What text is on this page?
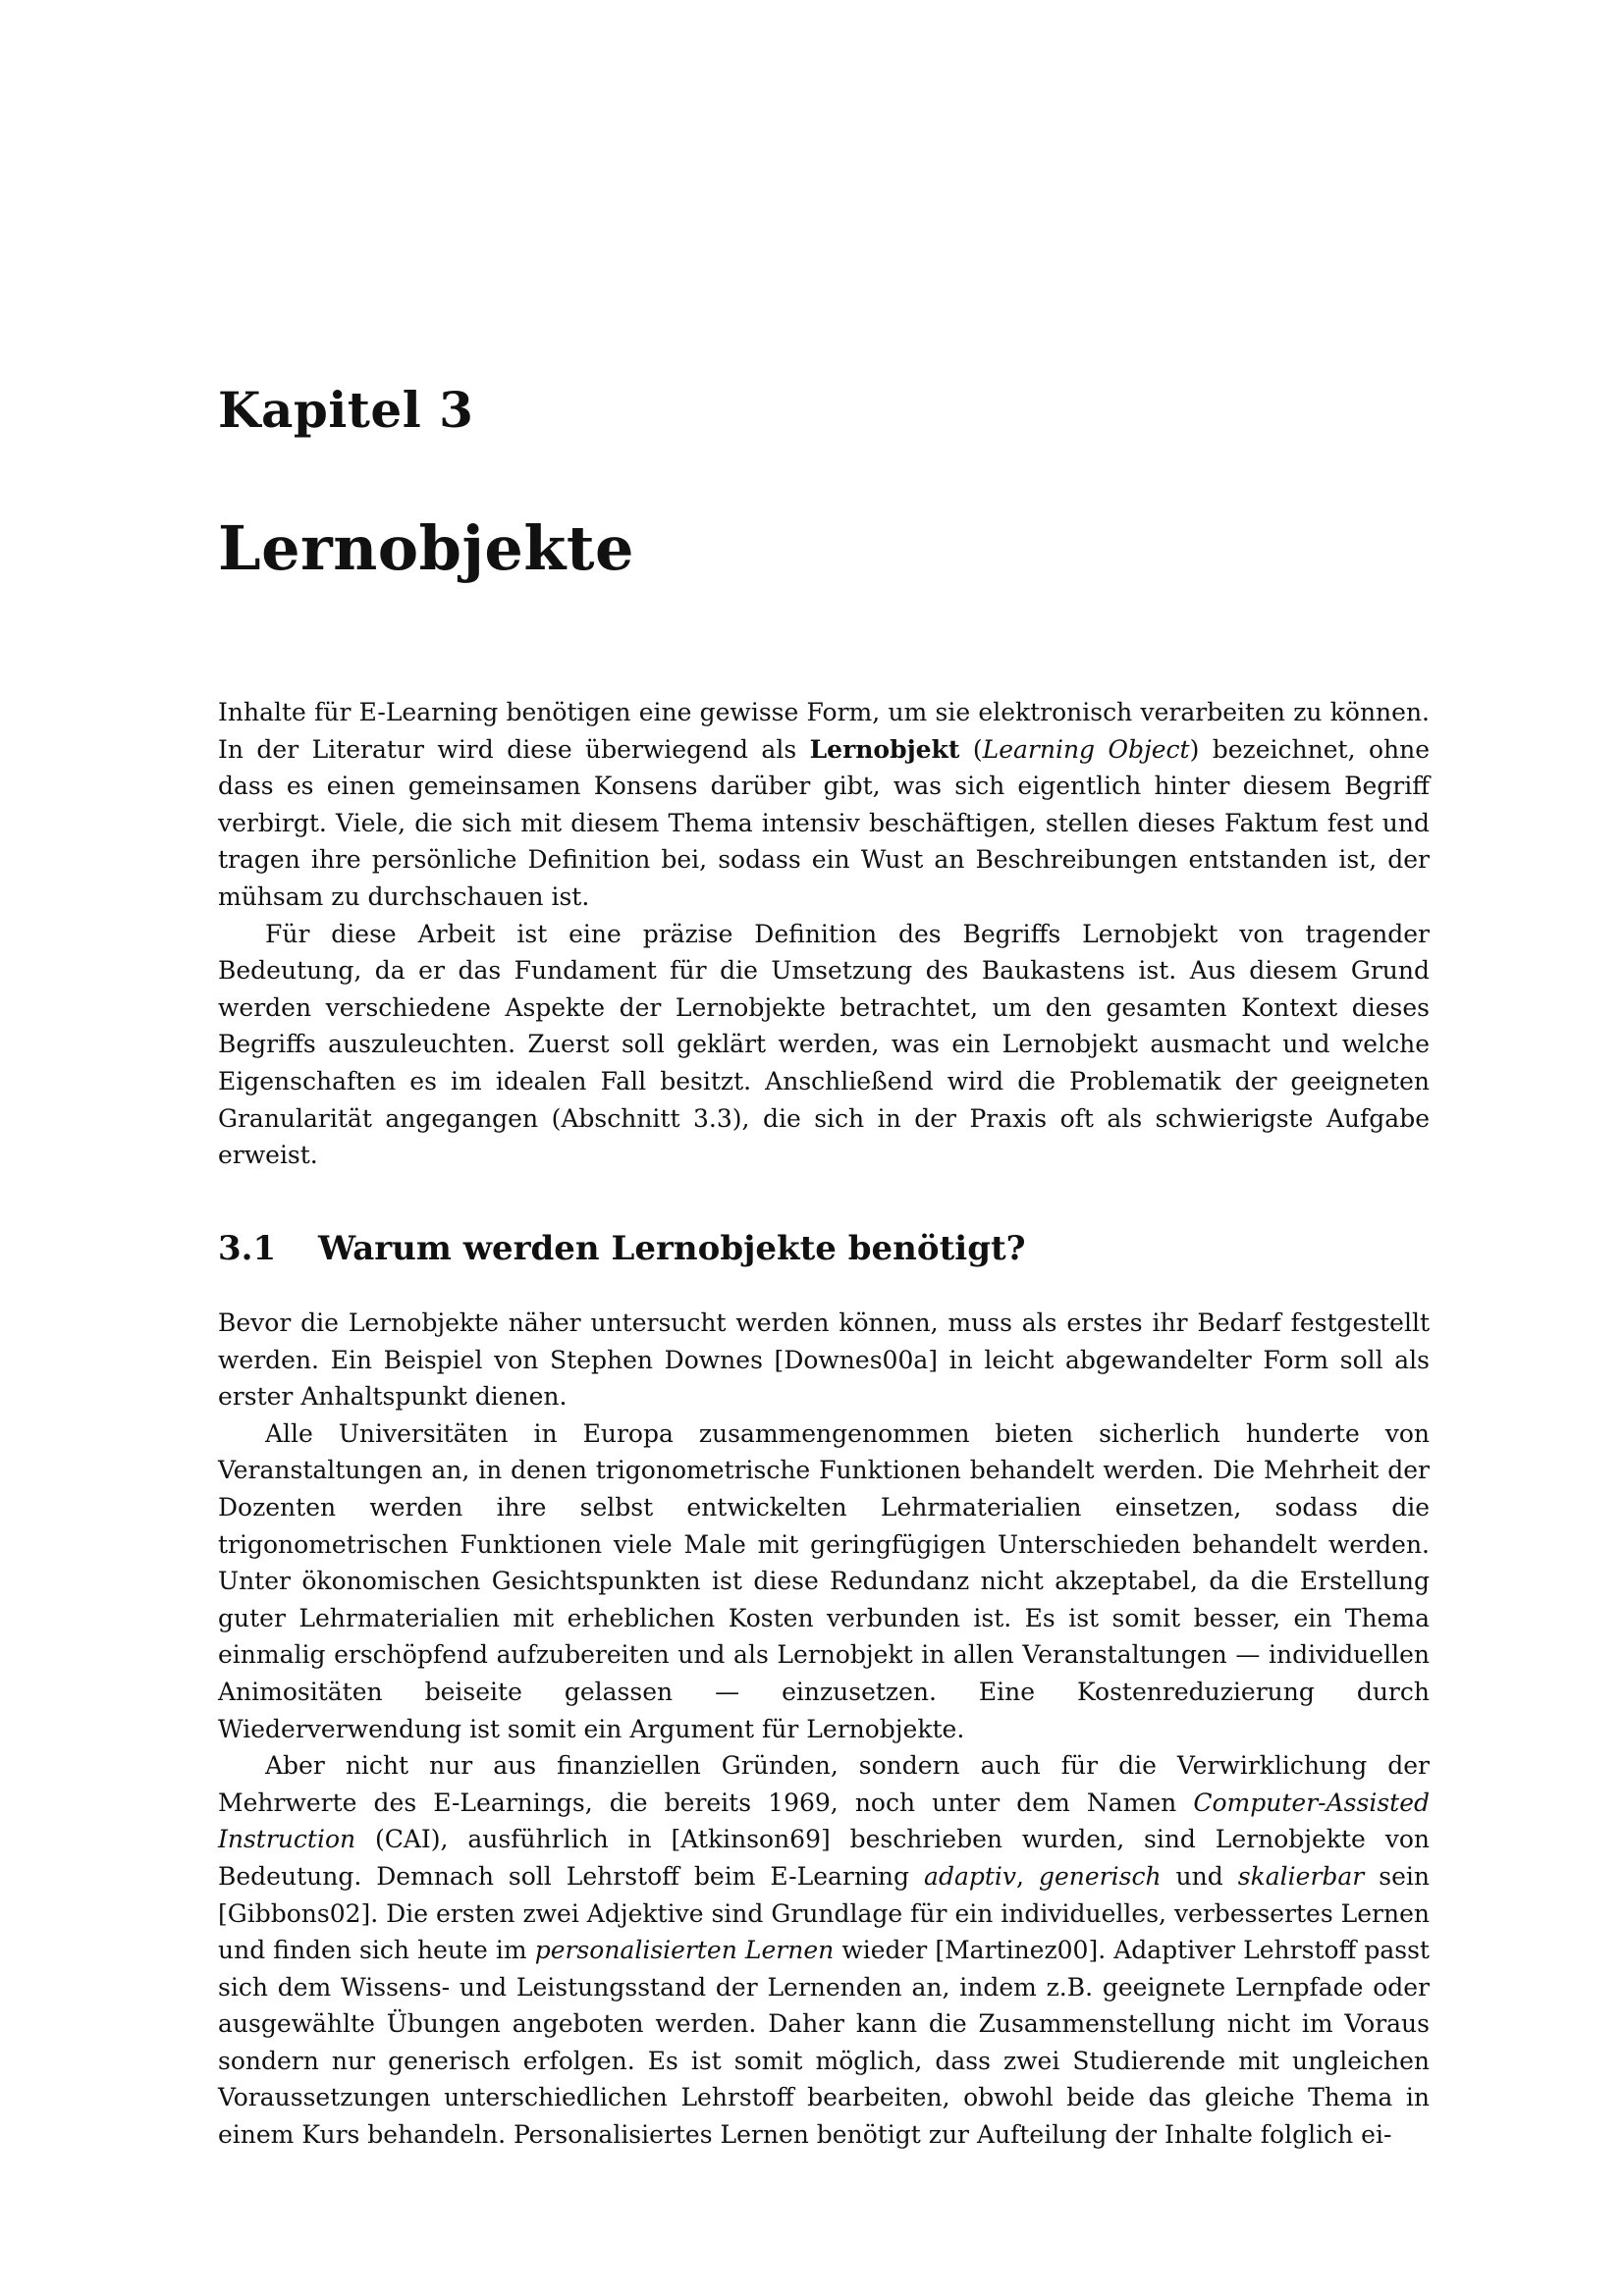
Kapitel 3
Lernobjekte

Inhalte für E-Learning benötigen eine gewisse Form, um sie elektronisch verarbeiten zu können. In der Literatur wird diese überwiegend als Lernobjekt (Learning Object) bezeichnet, ohne dass es einen gemeinsamen Konsens darüber gibt, was sich eigentlich hinter diesem Begriff verbirgt. Viele, die sich mit diesem Thema intensiv beschäftigen, stellen dieses Faktum fest und tragen ihre persönliche Definition bei, sodass ein Wust an Beschreibungen entstanden ist, der mühsam zu durchschauen ist.

Für diese Arbeit ist eine präzise Definition des Begriffs Lernobjekt von tragender Bedeutung, da er das Fundament für die Umsetzung des Baukastens ist. Aus diesem Grund werden verschiedene Aspekte der Lernobjekte betrachtet, um den gesamten Kontext dieses Begriffs auszuleuchten. Zuerst soll geklärt werden, was ein Lernobjekt ausmacht und welche Eigenschaften es im idealen Fall besitzt. Anschließend wird die Problematik der geeigneten Granularität angegangen (Abschnitt 3.3), die sich in der Praxis oft als schwierigste Aufgabe erweist.

3.1 Warum werden Lernobjekte benötigt?

Bevor die Lernobjekte näher untersucht werden können, muss als erstes ihr Bedarf festgestellt werden. Ein Beispiel von Stephen Downes [Downes00a] in leicht abgewandelter Form soll als erster Anhaltspunkt dienen.

Alle Universitäten in Europa zusammengenommen bieten sicherlich hunderte von Veranstaltungen an, in denen trigonometrische Funktionen behandelt werden. Die Mehrheit der Dozenten werden ihre selbst entwickelten Lehrmaterialien einsetzen, sodass die trigonometrischen Funktionen viele Male mit geringfügigen Unterschieden behandelt werden. Unter ökonomischen Gesichtspunkten ist diese Redundanz nicht akzeptabel, da die Erstellung guter Lehrmaterialien mit erheblichen Kosten verbunden ist. Es ist somit besser, ein Thema einmalig erschöpfend aufzubereiten und als Lernobjekt in allen Veranstaltungen — individuellen Animositäten beiseite gelassen — einzusetzen. Eine Kostenreduzierung durch Wiederverwendung ist somit ein Argument für Lernobjekte.

Aber nicht nur aus finanziellen Gründen, sondern auch für die Verwirklichung der Mehrwerte des E-Learnings, die bereits 1969, noch unter dem Namen Computer-Assisted Instruction (CAI), ausführlich in [Atkinson69] beschrieben wurden, sind Lernobjekte von Bedeutung. Demnach soll Lehrstoff beim E-Learning adaptiv, generisch und skalierbar sein [Gibbons02]. Die ersten zwei Adjektive sind Grundlage für ein individuelles, verbessertes Lernen und finden sich heute im personalisierten Lernen wieder [Martinez00]. Adaptiver Lehrstoff passt sich dem Wissens- und Leistungsstand der Lernenden an, indem z.B. geeignete Lernpfade oder ausgewählte Übungen angeboten werden. Daher kann die Zusammenstellung nicht im Voraus sondern nur generisch erfolgen. Es ist somit möglich, dass zwei Studierende mit ungleichen Voraussetzungen unterschiedlichen Lehrstoff bearbeiten, obwohl beide das gleiche Thema in einem Kurs behandeln. Personalisiertes Lernen benötigt zur Aufteilung der Inhalte folglich ei-
